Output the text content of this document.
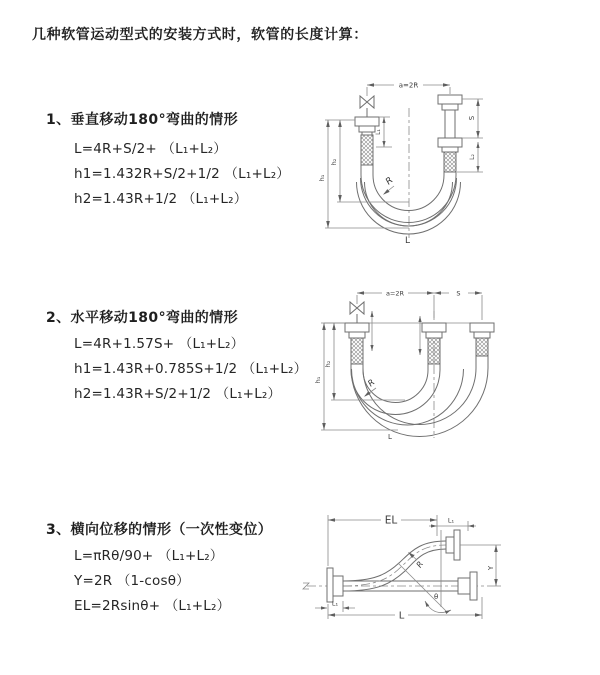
几种软管运动型式的安装方式时，软管的长度计算：
1、垂直移动180°弯曲的情形
L=4R+S/2+ （L₁+L₂）
h1=1.432R+S/2+1/2 （L₁+L₂）
h2=1.43R+1/2 （L₁+L₂）
2、水平移动180°弯曲的情形
L=4R+1.57S+ （L₁+L₂）
h1=1.43R+0.785S+1/2 （L₁+L₂）
h2=1.43R+S/2+1/2 （L₁+L₂）
3、横向位移的情形（一次性变位）
L=πRθ/90+ （L₁+L₂）
Y=2R （1-cosθ）
EL=2Rsinθ+ （L₁+L₂）
a=2R
h₁
h₂
L₁
S
L₂
R
L
a=2R	S
h₁
h₂
R
L
EL	L₁
θ
R	Y
L₁
L
